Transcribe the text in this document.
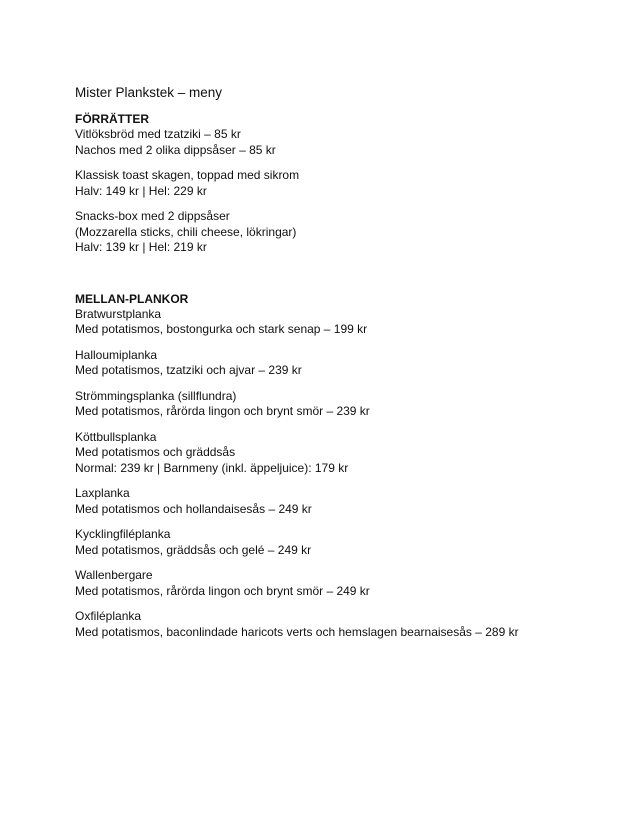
Mister Plankstek – meny
FÖRRÄTTER
Vitlöksbröd med tzatziki – 85 kr
Nachos med 2 olika dippsåser – 85 kr
Klassisk toast skagen, toppad med sikrom
Halv: 149 kr | Hel: 229 kr
Snacks-box med 2 dippsåser
(Mozzarella sticks, chili cheese, lökringar)
Halv: 139 kr | Hel: 219 kr
MELLAN-PLANKOR
Bratwurstplanka
Med potatismos, bostongurka och stark senap – 199 kr
Halloumiplanka
Med potatismos, tzatziki och ajvar – 239 kr
Strömmingsplanka (sillflundra)
Med potatismos, rårörda lingon och brynt smör – 239 kr
Köttbullsplanka
Med potatismos och gräddsås
Normal: 239 kr | Barnmeny (inkl. äppeljuice): 179 kr
Laxplanka
Med potatismos och hollandaisesås – 249 kr
Kycklingfiléplanka
Med potatismos, gräddsås och gelé – 249 kr
Wallenbergare
Med potatismos, rårörda lingon och brynt smör – 249 kr
Oxfiléplanka
Med potatismos, baconlindade haricots verts och hemslagen bearnaisesås – 289 kr
